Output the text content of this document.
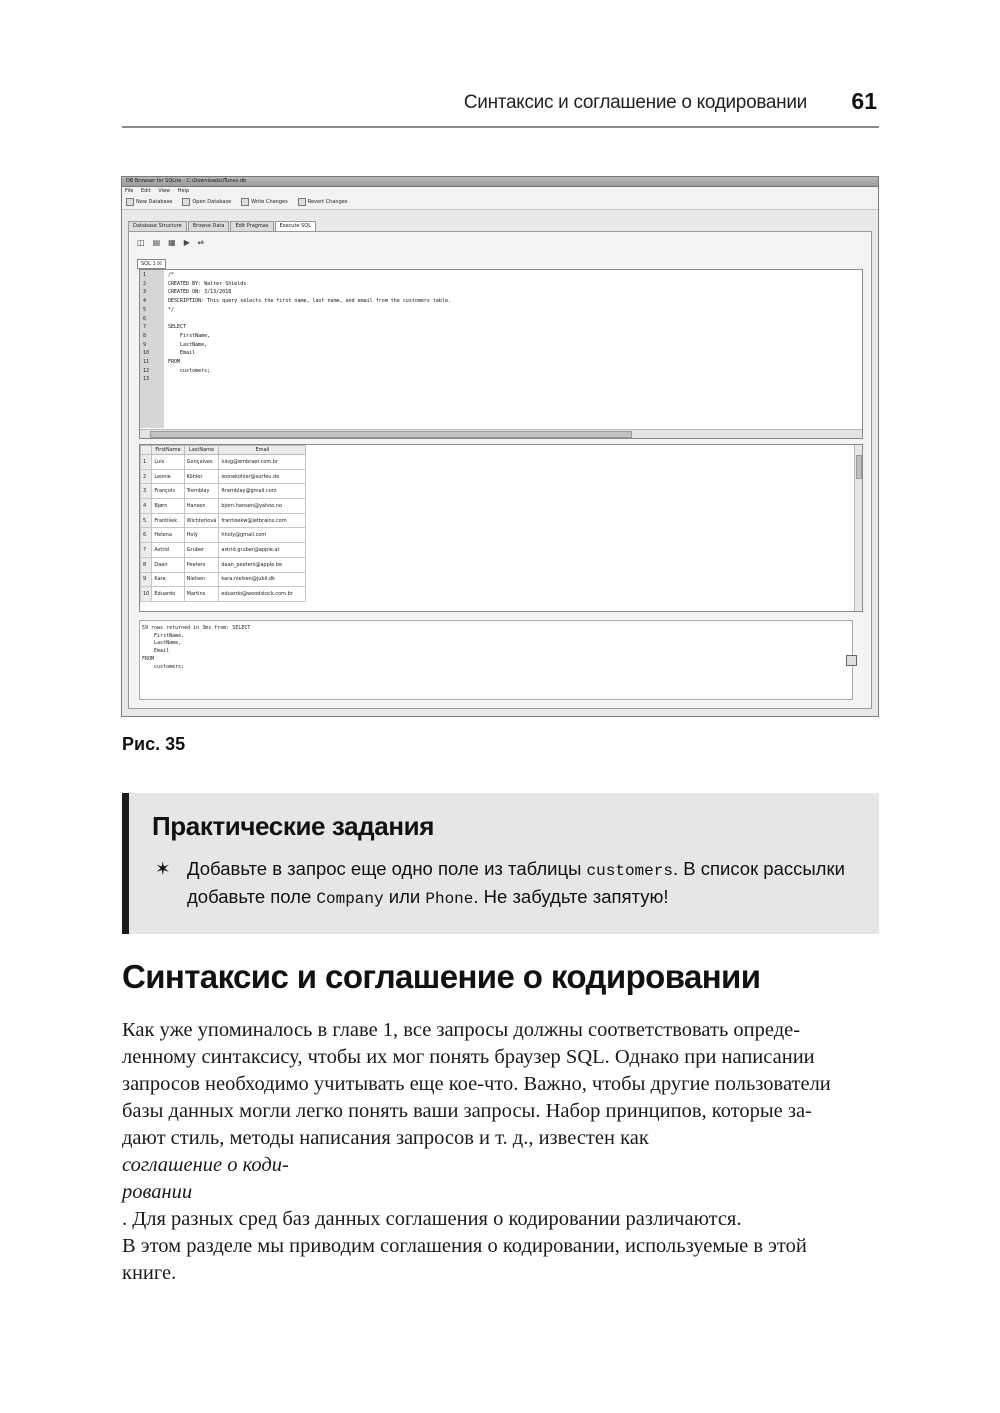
Синтаксис и соглашение о кодировании 61
DB Browser for SQLite - C:\Downloads\iTunes.db
File Edit View Help
New Database	Open Database	Write Changes	Revert Changes
Database Structure	Browse Data	Edit Pragmas	Execute SQL
◫ ▤ ▦ ▶ ⏯
SQL 1 ☒
1
2
3
4
5
6
7
8
9
10
11
12
13
/*
CREATED BY: Walter Shields
CREATED ON: 3/13/2018
DESCRIPTION: This query selects the first name, last name, and email from the customers table.
*/

SELECT
FirstName,
LastName,
Email
FROM
customers;

	FirstName	LastName	Email
1	Luís	Gonçalves	luisg@embraer.com.br
2	Leonie	Köhler	leonekohler@surfeu.de
3	François	Tremblay	ftremblay@gmail.com
4	Bjørn	Hansen	bjorn.hansen@yahoo.no
5	František	Wichterlová	frantisekw@jetbrains.com
6	Helena	Holý	hholy@gmail.com
7	Astrid	Gruber	astrid.gruber@apple.at
8	Daan	Peeters	daan_peeters@apple.be
9	Kara	Nielsen	kara.nielsen@jubii.dk
10	Eduardo	Martins	eduardo@woodstock.com.br
59 rows returned in 3ms from: SELECT
FirstName,
LastName,
Email
FROM
customers;
Рис. 35
Практические задания
✶ Добавьте в запрос еще одно поле из таблицы customers. В список рассылки добавьте поле Company или Phone. Не забудьте запятую!
Синтаксис и соглашение о кодировании
Как уже упоминалось в главе 1, все запросы должны соответствовать опреде-
ленному синтаксису, чтобы их мог понять браузер SQL. Однако при написании
запросов необходимо учитывать еще кое-что. Важно, чтобы другие пользователи
базы данных могли легко понять ваши запросы. Набор принципов, которые за-
дают стиль, методы написания запросов и т. д., известен как
соглашение о коди-
ровании
. Для разных сред баз данных соглашения о кодировании различаются.
В этом разделе мы приводим соглашения о кодировании, используемые в этой
книге.
